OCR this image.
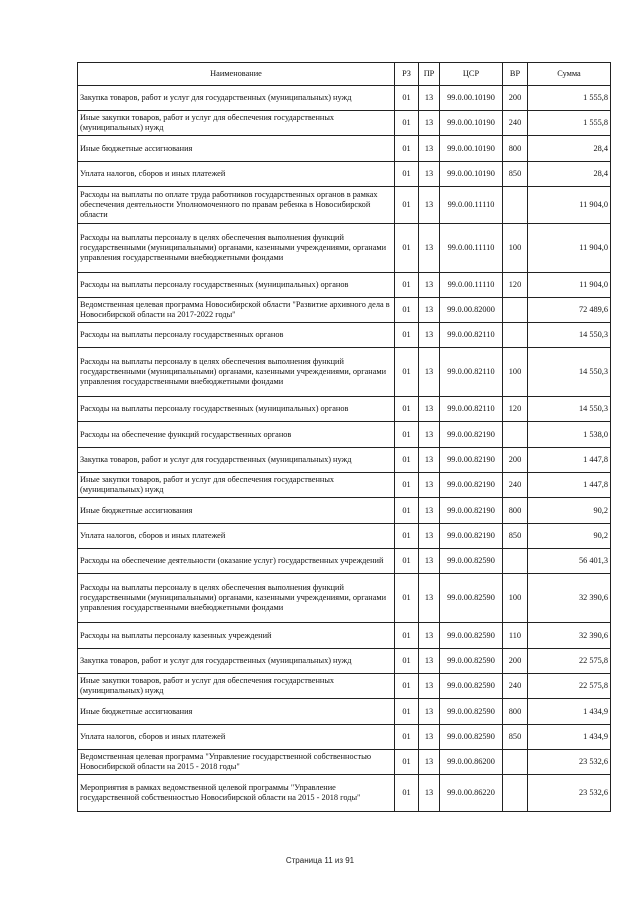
Наименование	РЗ	ПР	ЦСР	ВР	Сумма
Закупка товаров, работ и услуг для государственных (муниципальных) нужд	01	13	99.0.00.10190	200	1 555,8
Иные закупки товаров, работ и услуг для обеспечения государственных (муниципальных) нужд	01	13	99.0.00.10190	240	1 555,8
Иные бюджетные ассигнования	01	13	99.0.00.10190	800	28,4
Уплата налогов, сборов и иных платежей	01	13	99.0.00.10190	850	28,4
Расходы на выплаты по оплате труда работников государственных органов в рамках обеспечения деятельности Уполномоченного по правам ребенка в Новосибирской области	01	13	99.0.00.11110		11 904,0
Расходы на выплаты персоналу в целях обеспечения выполнения функций государственными (муниципальными) органами, казенными учреждениями, органами управления государственными внебюджетными фондами	01	13	99.0.00.11110	100	11 904,0
Расходы на выплаты персоналу государственных (муниципальных) органов	01	13	99.0.00.11110	120	11 904,0
Ведомственная целевая программа Новосибирской области "Развитие архивного дела в Новосибирской области на 2017-2022 годы"	01	13	99.0.00.82000		72 489,6
Расходы на выплаты персоналу государственных органов	01	13	99.0.00.82110		14 550,3
Расходы на выплаты персоналу в целях обеспечения выполнения функций государственными (муниципальными) органами, казенными учреждениями, органами управления государственными внебюджетными фондами	01	13	99.0.00.82110	100	14 550,3
Расходы на выплаты персоналу государственных (муниципальных) органов	01	13	99.0.00.82110	120	14 550,3
Расходы на обеспечение функций государственных органов	01	13	99.0.00.82190		1 538,0
Закупка товаров, работ и услуг для государственных (муниципальных) нужд	01	13	99.0.00.82190	200	1 447,8
Иные закупки товаров, работ и услуг для обеспечения государственных (муниципальных) нужд	01	13	99.0.00.82190	240	1 447,8
Иные бюджетные ассигнования	01	13	99.0.00.82190	800	90,2
Уплата налогов, сборов и иных платежей	01	13	99.0.00.82190	850	90,2
Расходы на обеспечение деятельности (оказание услуг) государственных учреждений	01	13	99.0.00.82590		56 401,3
Расходы на выплаты персоналу в целях обеспечения выполнения функций государственными (муниципальными) органами, казенными учреждениями, органами управления государственными внебюджетными фондами	01	13	99.0.00.82590	100	32 390,6
Расходы на выплаты персоналу казенных учреждений	01	13	99.0.00.82590	110	32 390,6
Закупка товаров, работ и услуг для государственных (муниципальных) нужд	01	13	99.0.00.82590	200	22 575,8
Иные закупки товаров, работ и услуг для обеспечения государственных (муниципальных) нужд	01	13	99.0.00.82590	240	22 575,8
Иные бюджетные ассигнования	01	13	99.0.00.82590	800	1 434,9
Уплата налогов, сборов и иных платежей	01	13	99.0.00.82590	850	1 434,9
Ведомственная целевая программа "Управление государственной собственностью Новосибирской области на 2015 - 2018 годы"	01	13	99.0.00.86200		23 532,6
Мероприятия в рамках ведомственной целевой программы "Управление государственной собственностью Новосибирской области на 2015 - 2018 годы"	01	13	99.0.00.86220		23 532,6
Страница 11 из 91
